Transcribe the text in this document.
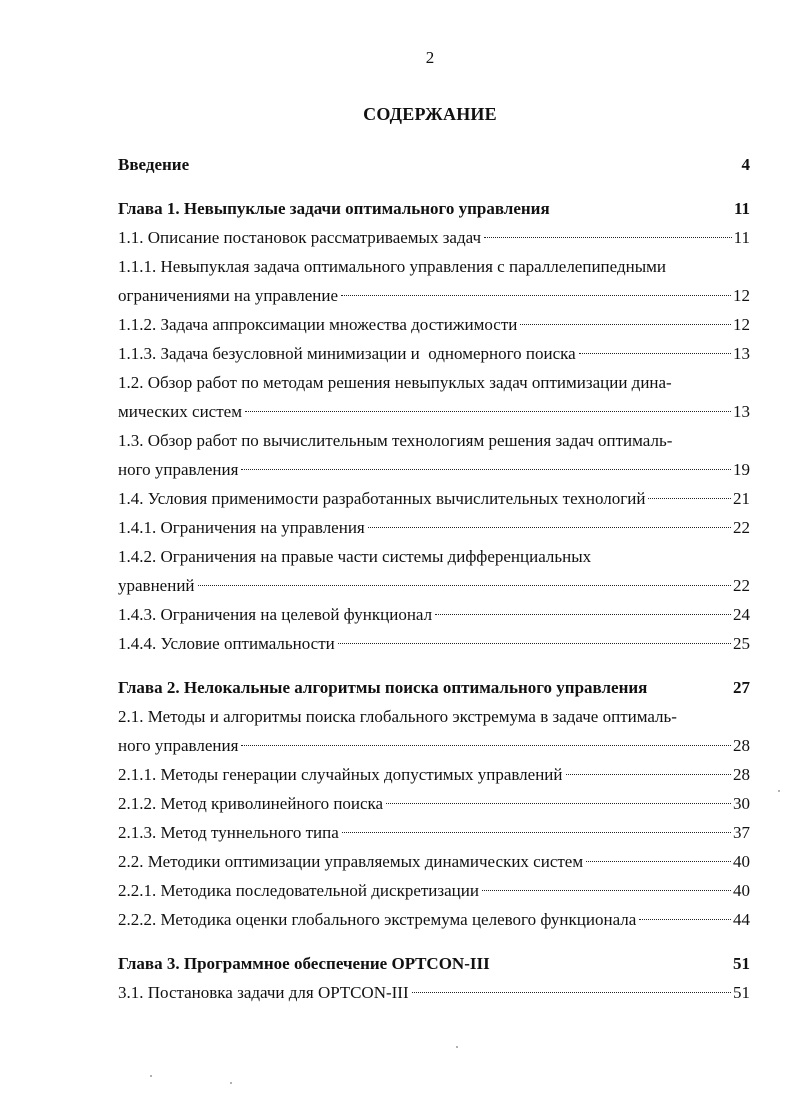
2
СОДЕРЖАНИЕ
Введение	4
Глава 1. Невыпуклые задачи оптимального управления	11
1.1. Описание постановок рассматриваемых задач	11
1.1.1. Невыпуклая задача оптимального управления с параллелепипедными
ограничениями на управление	12
1.1.2. Задача аппроксимации множества достижимости	12
1.1.3. Задача безусловной минимизации и  одномерного поиска	13
1.2. Обзор работ по методам решения невыпуклых задач оптимизации дина-
мических систем	13
1.3. Обзор работ по вычислительным технологиям решения задач оптималь-
ного управления	19
1.4. Условия применимости разработанных вычислительных технологий	21
1.4.1. Ограничения на управления	22
1.4.2. Ограничения на правые части системы дифференциальных
уравнений	22
1.4.3. Ограничения на целевой функционал	24
1.4.4. Условие оптимальности	25
Глава 2. Нелокальные алгоритмы поиска оптимального управления	27
2.1. Методы и алгоритмы поиска глобального экстремума в задаче оптималь-
ного управления	28
2.1.1. Методы генерации случайных допустимых управлений	28
2.1.2. Метод криволинейного поиска	30
2.1.3. Метод туннельного типа	37
2.2. Методики оптимизации управляемых динамических систем	40
2.2.1. Методика последовательной дискретизации	40
2.2.2. Методика оценки глобального экстремума целевого функционала	44
Глава 3. Программное обеспечение OPTCON-III	51
3.1. Постановка задачи для OPTCON-III	51
